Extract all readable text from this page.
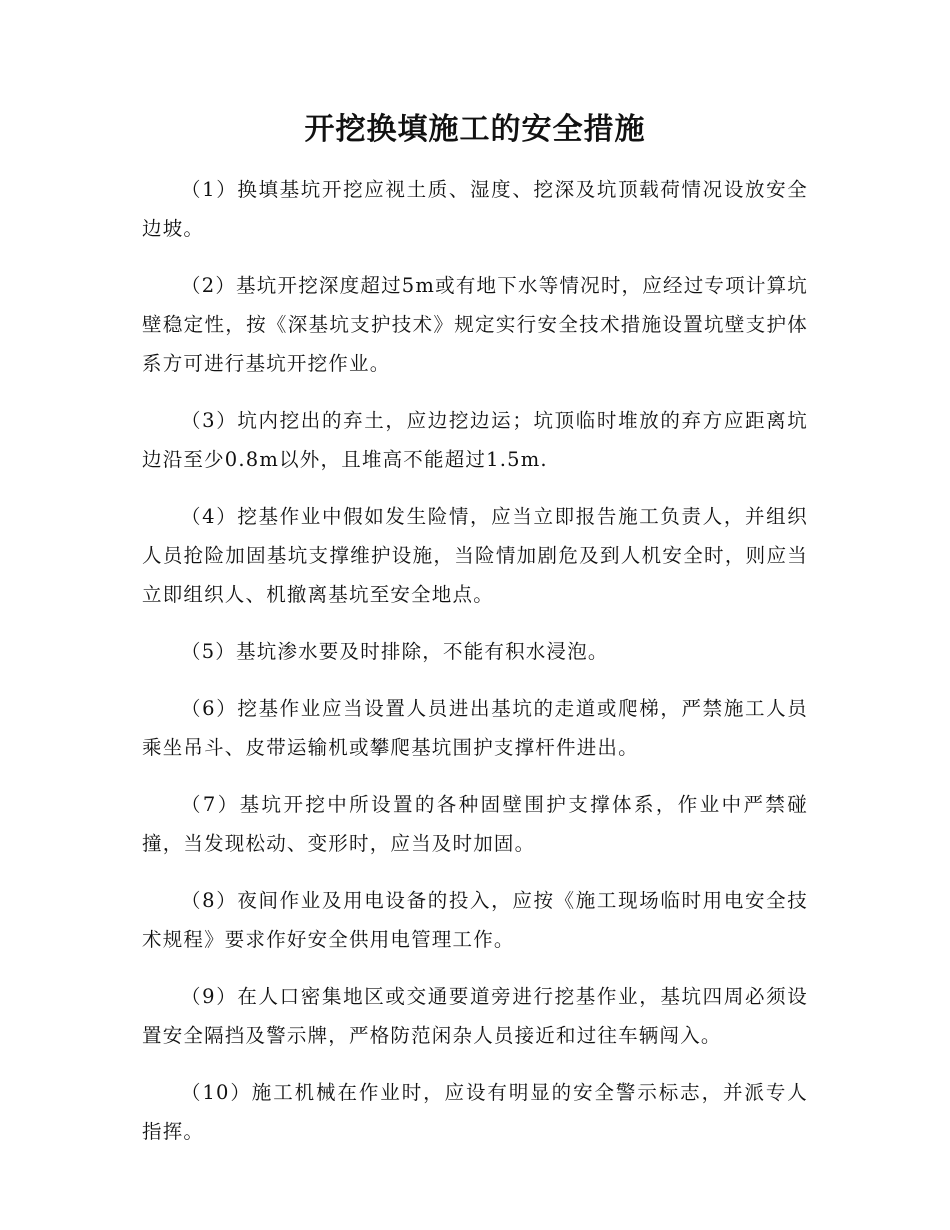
开挖换填施工的安全措施

（1）换填基坑开挖应视土质、湿度、挖深及坑顶载荷情况设放安全边坡。

（2）基坑开挖深度超过5m或有地下水等情况时，应经过专项计算坑壁稳定性，按《深基坑支护技术》规定实行安全技术措施设置坑壁支护体系方可进行基坑开挖作业。

（3）坑内挖出的弃土，应边挖边运；坑顶临时堆放的弃方应距离坑边沿至少0.8m以外，且堆高不能超过1.5m.

（4）挖基作业中假如发生险情，应当立即报告施工负责人，并组织人员抢险加固基坑支撑维护设施，当险情加剧危及到人机安全时，则应当立即组织人、机撤离基坑至安全地点。

（5）基坑渗水要及时排除，不能有积水浸泡。

（6）挖基作业应当设置人员进出基坑的走道或爬梯，严禁施工人员乘坐吊斗、皮带运输机或攀爬基坑围护支撑杆件进出。

（7）基坑开挖中所设置的各种固壁围护支撑体系，作业中严禁碰撞，当发现松动、变形时，应当及时加固。

（8）夜间作业及用电设备的投入，应按《施工现场临时用电安全技术规程》要求作好安全供用电管理工作。

（9）在人口密集地区或交通要道旁进行挖基作业，基坑四周必须设置安全隔挡及警示牌，严格防范闲杂人员接近和过往车辆闯入。

（10）施工机械在作业时，应设有明显的安全警示标志，并派专人指挥。
